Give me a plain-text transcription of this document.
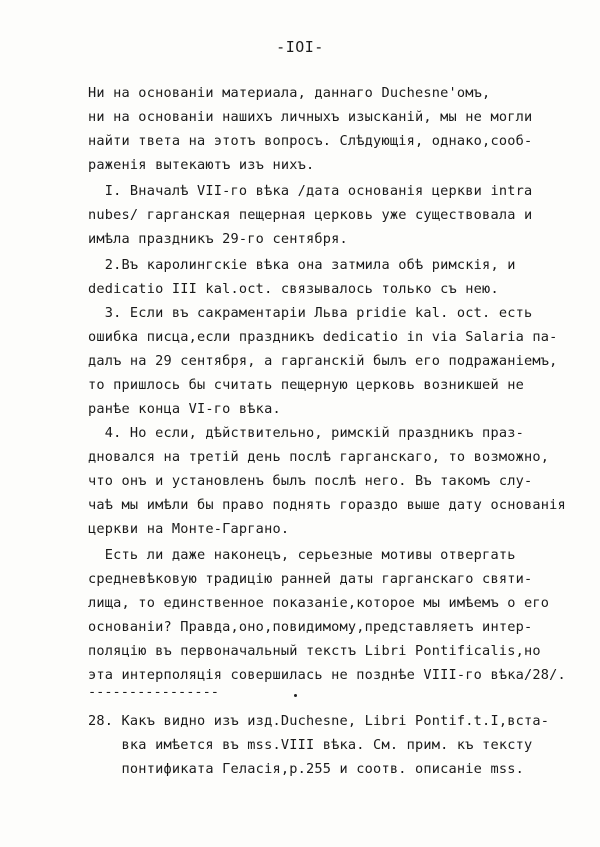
-IOI-
Ни на основанiи материала, даннаго Duchesne'омъ,
ни на основанiи нашихъ личныхъ изысканiй, мы не могли
найти твета на этотъ вопросъ. Слѣдующiя, однако,сооб-
раженiя вытекаютъ изъ нихъ.
I. Вначалѣ VII-го вѣка /дата основанiя церкви intra
nubes/ гарганская пещерная церковь уже существовала и
имѣла праздникъ 29-го сентября.
2.Въ каролингскiе вѣка она затмила обѣ римскiя, и
dedicatio III kal.oct. связывалось только съ нею.
3. Если въ сакраментарiи Льва pridie kal. oct. есть
ошибка писца,если праздникъ dedicatio in via Salaria па-
далъ на 29 сентября, а гарганскiй былъ его подражанiемъ,
то пришлось бы считать пещерную церковь возникшей не
ранѣе конца VI-го вѣка.
4. Но если, дѣйствительно, римскiй праздникъ праз-
дновался на третiй день послѣ гарганскаго, то возможно,
что онъ и установленъ былъ послѣ него. Въ такомъ слу-
чаѣ мы имѣли бы право поднять гораздо выше дату основанiя
церкви на Монте-Гаргано.
Есть ли даже наконецъ, серьезные мотивы отвергать
средневѣковую традицiю ранней даты гарганскаго святи-
лища, то единственное показанiе,которое мы имѣемъ о его
основанiи? Правда,оно,повидимому,представляетъ интер-
поляцiю въ первоначальный текстъ Libri Pontificalis,но
эта интерполяцiя совершилась не позднѣе VIII-го вѣка/28/.
----------------
28. Какъ видно изъ изд.Duchesne, Libri Pontif.t.I,вста-
вка имѣется въ mss.VIII вѣка. См. прим. къ тексту
понтификата Геласiя,p.255 и соотв. описанiе mss.
